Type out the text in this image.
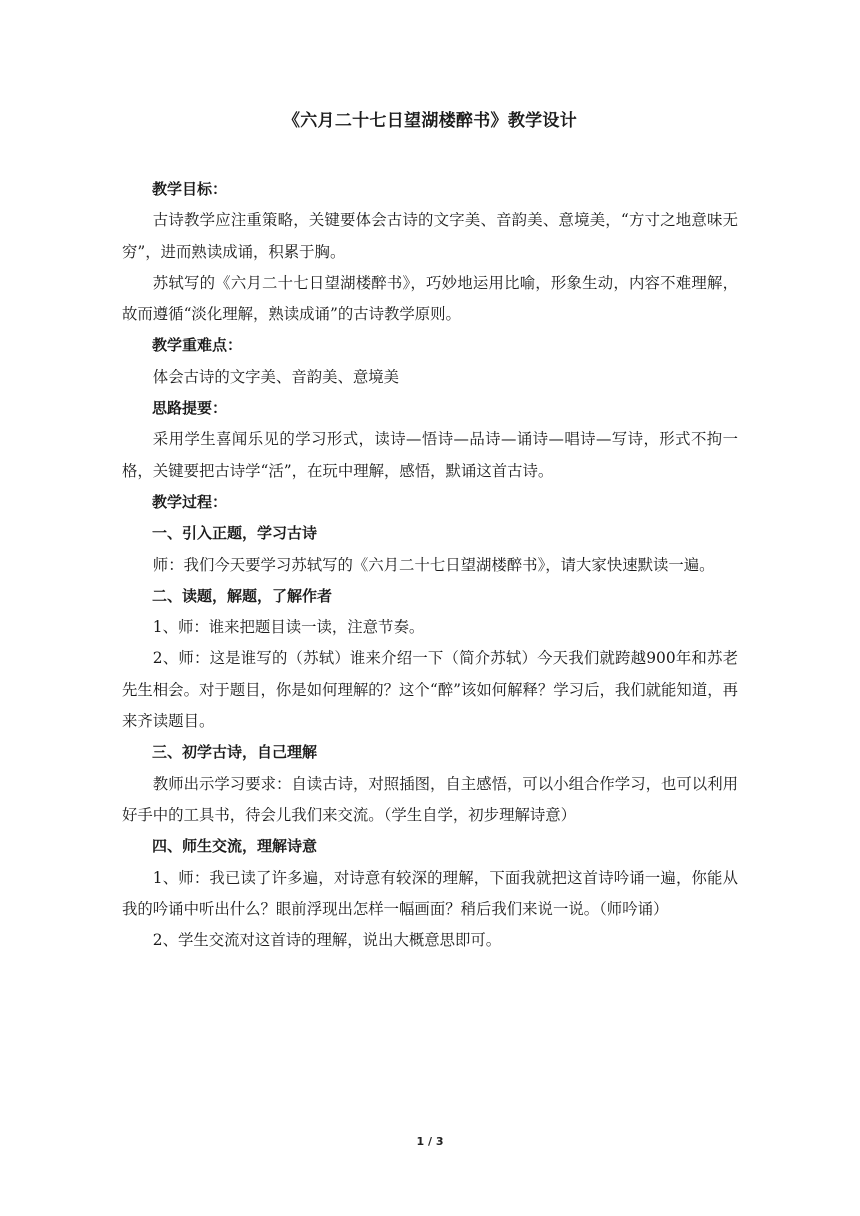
《六月二十七日望湖楼醉书》教学设计
教学目标：
古诗教学应注重策略，关键要体会古诗的文字美、音韵美、意境美，“方寸之地意味无穷”，进而熟读成诵，积累于胸。
苏轼写的《六月二十七日望湖楼醉书》，巧妙地运用比喻，形象生动，内容不难理解，故而遵循“淡化理解，熟读成诵”的古诗教学原则。
教学重难点：
体会古诗的文字美、音韵美、意境美
思路提要：
采用学生喜闻乐见的学习形式，读诗—悟诗—品诗—诵诗—唱诗—写诗，形式不拘一格，关键要把古诗学“活”，在玩中理解，感悟，默诵这首古诗。
教学过程：
一、引入正题，学习古诗
师：我们今天要学习苏轼写的《六月二十七日望湖楼醉书》，请大家快速默读一遍。
二、读题，解题，了解作者
1、师：谁来把题目读一读，注意节奏。
2、师：这是谁写的（苏轼）谁来介绍一下（简介苏轼）今天我们就跨越900年和苏老先生相会。对于题目，你是如何理解的？这个“醉”该如何解释？学习后，我们就能知道，再来齐读题目。
三、初学古诗，自己理解
教师出示学习要求：自读古诗，对照插图，自主感悟，可以小组合作学习，也可以利用好手中的工具书，待会儿我们来交流。（学生自学，初步理解诗意）
四、师生交流，理解诗意
1、师：我已读了许多遍，对诗意有较深的理解，下面我就把这首诗吟诵一遍，你能从我的吟诵中听出什么？眼前浮现出怎样一幅画面？稍后我们来说一说。（师吟诵）
2、学生交流对这首诗的理解，说出大概意思即可。
1 / 3
